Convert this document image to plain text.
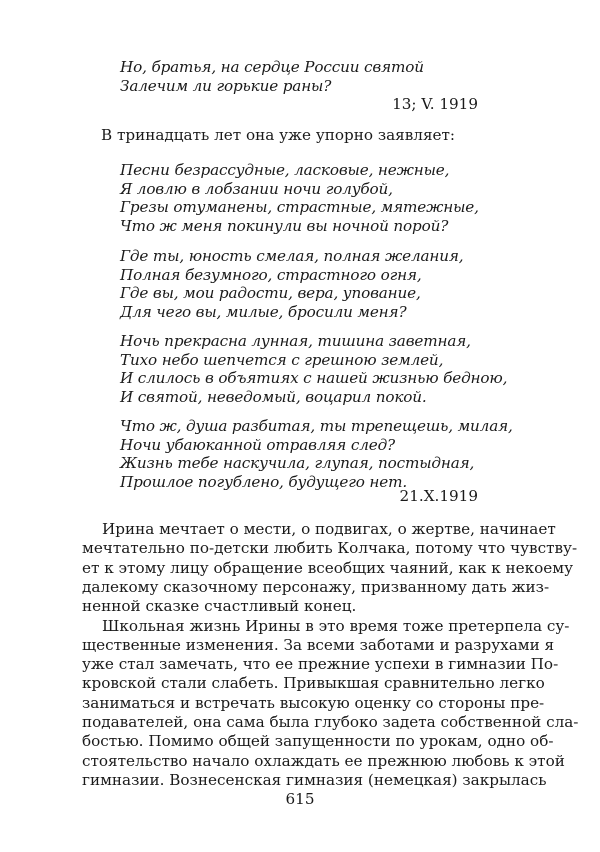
Но, братья, на сердце России святой
Залечим ли горькие раны?
13; V. 1919
В тринадцать лет она уже упорно заявляет:
Песни безрассудные, ласковые, нежные,
Я ловлю в лобзании ночи голубой,
Грезы отуманены, страстные, мятежные,
Что ж меня покинули вы ночной порой?
Где ты, юность смелая, полная желания,
Полная безумного, страстного огня,
Где вы, мои радости, вера, упование,
Для чего вы, милые, бросили меня?
Ночь прекрасна лунная, тишина заветная,
Тихо небо шепчется с грешною землей,
И слилось в объятиях с нашей жизнью бедною,
И святой, неведомый, воцарил покой.
Что ж, душа разбитая, ты трепещешь, милая,
Ночи убаюканной отравляя след?
Жизнь тебе наскучила, глупая, постыдная,
Прошлое погублено, будущего нет.
21.X.1919
Ирина мечтает о мести, о подвигах, о жертве, начинает
мечтательно по-детски любить Колчака, потому что чувству-
ет к этому лицу обращение всеобщих чаяний, как к некоему
далекому сказочному персонажу, призванному дать жиз-
ненной сказке счастливый конец.
Школьная жизнь Ирины в это время тоже претерпела су-
щественные изменения. За всеми заботами и разрухами я
уже стал замечать, что ее прежние успехи в гимназии По-
кровской стали слабеть. Привыкшая сравнительно легко
заниматься и встречать высокую оценку со стороны пре-
подавателей, она сама была глубоко задета собственной сла-
бостью. Помимо общей запущенности по урокам, одно об-
стоятельство начало охлаждать ее прежнюю любовь к этой
гимназии. Вознесенская гимназия (немецкая) закрылась
615
